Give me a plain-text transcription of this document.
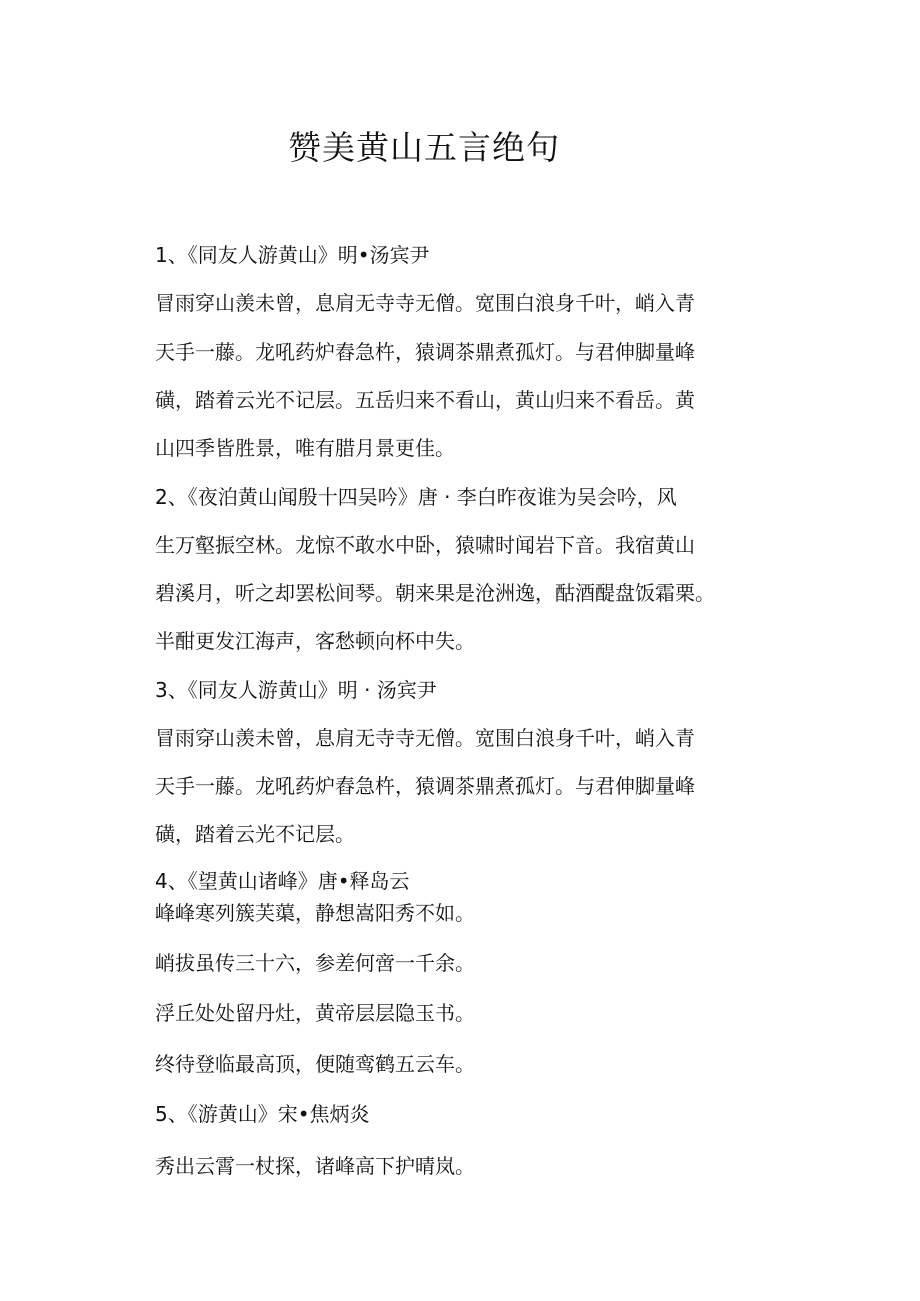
赞美黄山五言绝句

1、《同友人游黄山》明•汤宾尹

冒雨穿山羡未曾，息肩无寺寺无僧。宽围白浪身千叶，峭入青

天手一藤。龙吼药炉舂急杵，猿调茶鼎煮孤灯。与君伸脚量峰

磺，踏着云光不记层。五岳归来不看山，黄山归来不看岳。黄

山四季皆胜景，唯有腊月景更佳。

2、《夜泊黄山闻殷十四吴吟》唐 · 李白昨夜谁为吴会吟，风

生万壑振空林。龙惊不敢水中卧，猿啸时闻岩下音。我宿黄山

碧溪月，听之却罢松间琴。朝来果是沧洲逸，酤酒醍盘饭霜栗。

半酣更发江海声，客愁顿向杯中失。

3、《同友人游黄山》明 · 汤宾尹

冒雨穿山羡未曾，息肩无寺寺无僧。宽围白浪身千叶，峭入青

天手一藤。龙吼药炉舂急杵，猿调茶鼎煮孤灯。与君伸脚量峰

磺，踏着云光不记层。

4、《望黄山诸峰》唐•释岛云

峰峰寒列簇芙蕖，静想嵩阳秀不如。

峭拔虽传三十六，参差何啻一千余。

浮丘处处留丹灶，黄帝层层隐玉书。

终待登临最高顶，便随鸾鹤五云车。

5、《游黄山》宋•焦炳炎

秀出云霄一杖探，诸峰高下护晴岚。
